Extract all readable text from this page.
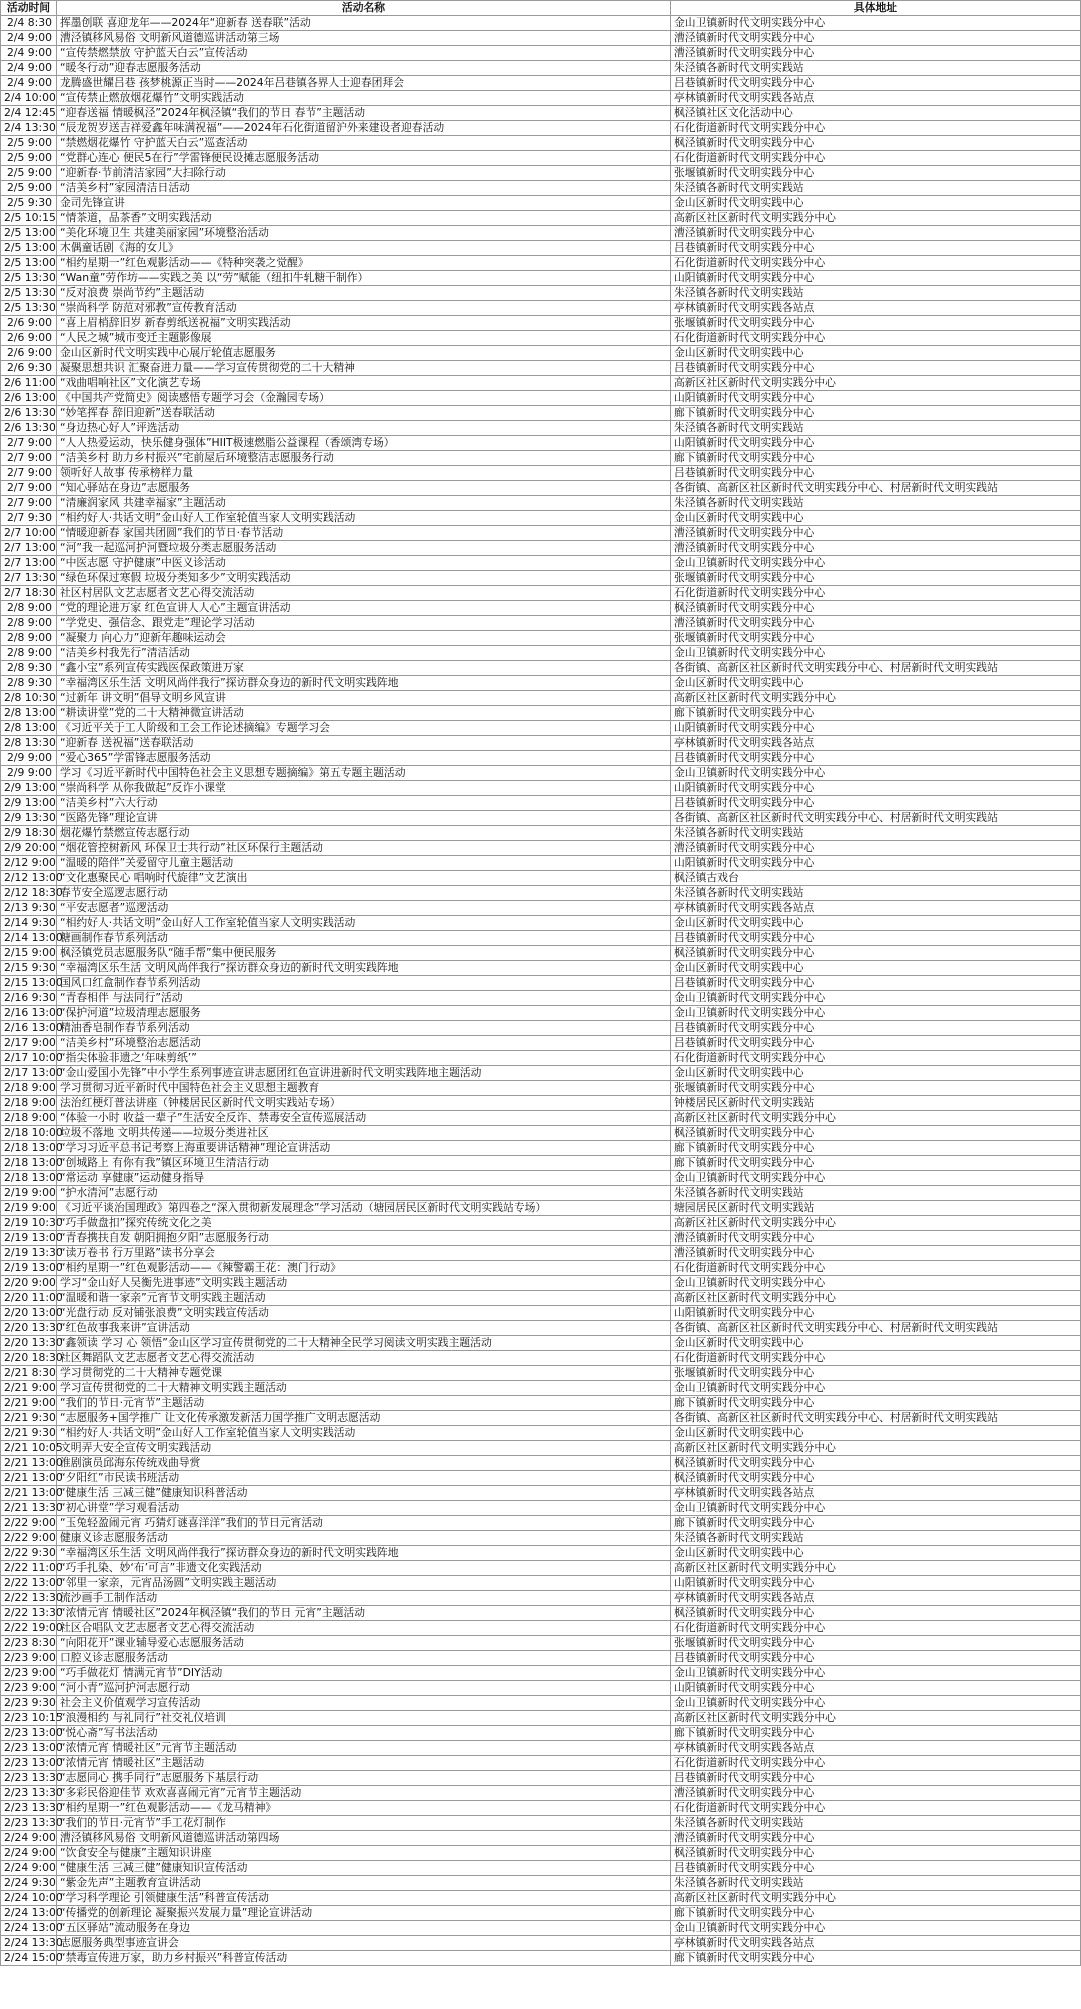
活动时间	活动名称	具体地址
2/4 8:30	挥墨创联 喜迎龙年——2024年“迎新春 送春联”活动	金山卫镇新时代文明实践分中心
2/4 9:00	漕泾镇移风易俗 文明新风道德巡讲活动第三场	漕泾镇新时代文明实践分中心
2/4 9:00	“宣传禁燃禁放 守护蓝天白云”宣传活动	漕泾镇新时代文明实践分中心
2/4 9:00	“暖冬行动”迎春志愿服务活动	朱泾镇各新时代文明实践站
2/4 9:00	龙腾盛世耀吕巷 孩梦桃源正当时——2024年吕巷镇各界人士迎春团拜会	吕巷镇新时代文明实践分中心
2/4 10:00	“宣传禁止燃放烟花爆竹”文明实践活动	亭林镇新时代文明实践各站点
2/4 12:45	“迎春送福 情暖枫泾”2024年枫泾镇“我们的节日 春节”主题活动	枫泾镇社区文化活动中心
2/4 13:30	“辰龙贺岁送吉祥爱鑫年味满祝福”——2024年石化街道留沪外来建设者迎春活动	石化街道新时代文明实践分中心
2/5 9:00	“禁燃烟花爆竹 守护蓝天白云”巡查活动	枫泾镇新时代文明实践分中心
2/5 9:00	“党群心连心 便民5在行”学雷锋便民设摊志愿服务活动	石化街道新时代文明实践分中心
2/5 9:00	“迎新春·节前清洁家园”大扫除行动	张堰镇新时代文明实践分中心
2/5 9:00	“洁美乡村”家园清洁日活动	朱泾镇各新时代文明实践站
2/5 9:30	金司先锋宣讲	金山区新时代文明实践中心
2/5 10:15	“情茶道，品茶香”文明实践活动	高新区社区新时代文明实践分中心
2/5 13:00	“美化环境卫生 共建美丽家园”环境整治活动	漕泾镇新时代文明实践分中心
2/5 13:00	木偶童话剧《海的女儿》	吕巷镇新时代文明实践分中心
2/5 13:00	“相约星期一”红色观影活动——《特种突袭之觉醒》	石化街道新时代文明实践分中心
2/5 13:30	“Wan童”劳作坊——实践之美 以“劳”赋能（纽扣牛轧糖干制作）	山阳镇新时代文明实践分中心
2/5 13:30	“反对浪费 崇尚节约”主题活动	朱泾镇各新时代文明实践站
2/5 13:30	“崇尚科学 防范对邪教”宣传教育活动	亭林镇新时代文明实践各站点
2/6 9:00	“喜上眉梢辞旧岁 新春剪纸送祝福”文明实践活动	张堰镇新时代文明实践分中心
2/6 9:00	“人民之城”城市变迁主题影像展	石化街道新时代文明实践分中心
2/6 9:00	金山区新时代文明实践中心展厅轮值志愿服务	金山区新时代文明实践中心
2/6 9:30	凝聚思想共识 汇聚奋进力量——学习宣传贯彻党的二十大精神	吕巷镇新时代文明实践分中心
2/6 11:00	“戏曲唱响社区”文化演艺专场	高新区社区新时代文明实践分中心
2/6 13:00	《中国共产党简史》阅读感悟专题学习会（金瀚园专场）	山阳镇新时代文明实践分中心
2/6 13:30	“妙笔挥春 辞旧迎新”送春联活动	廊下镇新时代文明实践分中心
2/6 13:30	“身边热心好人”评选活动	朱泾镇各新时代文明实践站
2/7 9:00	“人人热爱运动，快乐健身强体”HIIT极速燃脂公益课程（香颂湾专场）	山阳镇新时代文明实践分中心
2/7 9:00	“洁美乡村 助力乡村振兴”宅前屋后环境整洁志愿服务行动	廊下镇新时代文明实践分中心
2/7 9:00	领听好人故事 传承榜样力量	吕巷镇新时代文明实践分中心
2/7 9:00	“知心驿站在身边”志愿服务	各街镇、高新区社区新时代文明实践分中心、村居新时代文明实践站
2/7 9:00	“清廉润家风 共建幸福家”主题活动	朱泾镇各新时代文明实践站
2/7 9:30	“相约好人·共话文明”金山好人工作室轮值当家人文明实践活动	金山区新时代文明实践中心
2/7 10:00	“情暖迎新春 家国共团圆”我们的节日·春节活动	漕泾镇新时代文明实践分中心
2/7 13:00	“河”我一起巡河护河暨垃圾分类志愿服务活动	漕泾镇新时代文明实践分中心
2/7 13:00	“中医志愿 守护健康”中医义诊活动	金山卫镇新时代文明实践分中心
2/7 13:30	“绿色环保过寒假 垃圾分类知多少”文明实践活动	张堰镇新时代文明实践分中心
2/7 18:30	社区村居队文艺志愿者文艺心得交流活动	石化街道新时代文明实践分中心
2/8 9:00	“党的理论进万家 红色宣讲人人心”主题宣讲活动	枫泾镇新时代文明实践分中心
2/8 9:00	“学党史、强信念、跟党走”理论学习活动	漕泾镇新时代文明实践分中心
2/8 9:00	“凝聚力 向心力”迎新年趣味运动会	张堰镇新时代文明实践分中心
2/8 9:00	“洁美乡村我先行”清洁活动	金山卫镇新时代文明实践分中心
2/8 9:30	“鑫小宝”系列宣传实践医保政策进万家	各街镇、高新区社区新时代文明实践分中心、村居新时代文明实践站
2/8 9:30	“幸福湾区乐生活 文明风尚伴我行”探访群众身边的新时代文明实践阵地	金山区新时代文明实践中心
2/8 10:30	“过新年 讲文明”倡导文明乡风宣讲	高新区社区新时代文明实践分中心
2/8 13:00	“耕读讲堂”党的二十大精神微宣讲活动	廊下镇新时代文明实践分中心
2/8 13:00	《习近平关于工人阶级和工会工作论述摘编》专题学习会	山阳镇新时代文明实践分中心
2/8 13:30	“迎新春 送祝福”送春联活动	亭林镇新时代文明实践各站点
2/9 9:00	“爱心365”学雷锋志愿服务活动	吕巷镇新时代文明实践分中心
2/9 9:00	学习《习近平新时代中国特色社会主义思想专题摘编》第五专题主题活动	金山卫镇新时代文明实践分中心
2/9 13:00	“崇尚科学 从你我做起”反诈小课堂	山阳镇新时代文明实践分中心
2/9 13:00	“洁美乡村”六大行动	吕巷镇新时代文明实践分中心
2/9 13:30	“医路先锋”理论宣讲	各街镇、高新区社区新时代文明实践分中心、村居新时代文明实践站
2/9 18:30	烟花爆竹禁燃宣传志愿行动	朱泾镇各新时代文明实践站
2/9 20:00	“烟花管控树新风 环保卫士共行动”社区环保行主题活动	漕泾镇新时代文明实践分中心
2/12 9:00	“温暖的陪伴”关爱留守儿童主题活动	山阳镇新时代文明实践分中心
2/12 13:00	“文化惠聚民心 唱响时代旋律”文艺演出	枫泾镇古戏台
2/12 18:30	春节安全巡逻志愿行动	朱泾镇各新时代文明实践站
2/13 9:30	“平安志愿者”巡逻活动	亭林镇新时代文明实践各站点
2/14 9:30	“相约好人·共话文明”金山好人工作室轮值当家人文明实践活动	金山区新时代文明实践中心
2/14 13:00	糖画制作春节系列活动	吕巷镇新时代文明实践分中心
2/15 9:00	枫泾镇党员志愿服务队“随手帮”集中便民服务	枫泾镇新时代文明实践分中心
2/15 9:30	“幸福湾区乐生活 文明风尚伴我行”探访群众身边的新时代文明实践阵地	金山区新时代文明实践中心
2/15 13:00	国风口红盒制作春节系列活动	吕巷镇新时代文明实践分中心
2/16 9:30	“青春相伴 与法同行”活动	金山卫镇新时代文明实践分中心
2/16 13:00	“保护河道”垃圾清理志愿服务	金山卫镇新时代文明实践分中心
2/16 13:00	精油香皂制作春节系列活动	吕巷镇新时代文明实践分中心
2/17 9:00	“洁美乡村”环境整治志愿活动	吕巷镇新时代文明实践分中心
2/17 10:00	“指尖体验非遗之‘年味剪纸’”	石化街道新时代文明实践分中心
2/17 13:00	“金山爱国小先锋”中小学生系列事迹宣讲志愿团红色宣讲进新时代文明实践阵地主题活动	金山区新时代文明实践中心
2/18 9:00	学习贯彻习近平新时代中国特色社会主义思想主题教育	张堰镇新时代文明实践分中心
2/18 9:00	法治红梗灯普法讲座（钟楼居民区新时代文明实践站专场）	钟楼居民区新时代文明实践站
2/18 9:00	“体验一小时 收益一辈子”生活安全反诈、禁毒安全宣传巡展活动	高新区社区新时代文明实践分中心
2/18 10:00	垃圾不落地 文明共传递——垃圾分类进社区	枫泾镇新时代文明实践分中心
2/18 13:00	“学习习近平总书记考察上海重要讲话精神”理论宣讲活动	廊下镇新时代文明实践分中心
2/18 13:00	“创城路上 有你有我”镇区环境卫生清洁行动	廊下镇新时代文明实践分中心
2/18 13:00	“常运动 享健康”运动健身指导	金山卫镇新时代文明实践分中心
2/19 9:00	“护水清河”志愿行动	朱泾镇各新时代文明实践站
2/19 9:00	《习近平谈治国理政》第四卷之“深入贯彻新发展理念”学习活动（塘园居民区新时代文明实践站专场）	塘园居民区新时代文明实践站
2/19 10:30	“巧手做盘扣”探究传统文化之美	高新区社区新时代文明实践分中心
2/19 13:00	“青春携扶自发 朝阳拥抱夕阳”志愿服务行动	漕泾镇新时代文明实践分中心
2/19 13:30	“读万卷书 行万里路”读书分享会	漕泾镇新时代文明实践分中心
2/19 13:00	“相约星期一”红色观影活动——《辣警霸王花：澳门行动》	石化街道新时代文明实践分中心
2/20 9:00	学习“金山好人吴衡先进事迹”文明实践主题活动	金山卫镇新时代文明实践分中心
2/20 11:00	“温暖和谐一家亲”元宵节文明实践主题活动	高新区社区新时代文明实践分中心
2/20 13:00	“光盘行动 反对铺张浪费”文明实践宣传活动	山阳镇新时代文明实践分中心
2/20 13:30	“红色故事我来讲”宣讲活动	各街镇、高新区社区新时代文明实践分中心、村居新时代文明实践站
2/20 13:30	“鑫领读 学习 心 领悟”金山区学习宣传贯彻党的二十大精神全民学习阅读文明实践主题活动	金山区新时代文明实践中心
2/20 18:30	社区舞蹈队文艺志愿者文艺心得交流活动	石化街道新时代文明实践分中心
2/21 8:30	学习贯彻党的二十大精神专题党课	张堰镇新时代文明实践分中心
2/21 9:00	学习宣传贯彻党的二十大精神文明实践主题活动	金山卫镇新时代文明实践分中心
2/21 9:00	“我们的节日·元宵节”主题活动	廊下镇新时代文明实践分中心
2/21 9:30	“志愿服务+国学推广 让文化传承激发新活力国学推广文明志愿活动	各街镇、高新区社区新时代文明实践分中心、村居新时代文明实践站
2/21 9:30	“相约好人·共话文明”金山好人工作室轮值当家人文明实践活动	金山区新时代文明实践中心
2/21 10:05	文明弄大安全宣传文明实践活动	高新区社区新时代文明实践分中心
2/21 13:00	淮剧演员邱海东传统戏曲导赏	枫泾镇新时代文明实践分中心
2/21 13:00	“夕阳红”市民读书班活动	枫泾镇新时代文明实践分中心
2/21 13:00	“健康生活 三减三健”健康知识科普活动	亭林镇新时代文明实践各站点
2/21 13:30	“初心讲堂”学习观看活动	金山卫镇新时代文明实践分中心
2/22 9:00	“玉兔轻盈闹元宵 巧猜灯谜喜洋洋”我们的节日元宵活动	廊下镇新时代文明实践分中心
2/22 9:00	健康义诊志愿服务活动	朱泾镇各新时代文明实践站
2/22 9:30	“幸福湾区乐生活 文明风尚伴我行”探访群众身边的新时代文明实践阵地	金山区新时代文明实践中心
2/22 11:00	“巧手扎染、妙‘布’可言”非遗文化实践活动	高新区社区新时代文明实践分中心
2/22 13:00	“邻里一家亲，元宵品汤圆”文明实践主题活动	山阳镇新时代文明实践分中心
2/22 13:30	流沙画手工制作活动	亭林镇新时代文明实践各站点
2/22 13:30	“浓情元宵 情暖社区”2024年枫泾镇“我们的节日 元宵”主题活动	枫泾镇新时代文明实践分中心
2/22 19:00	社区合唱队文艺志愿者文艺心得交流活动	石化街道新时代文明实践分中心
2/23 8:30	“向阳花开”课业辅导爱心志愿服务活动	张堰镇新时代文明实践分中心
2/23 9:00	口腔义诊志愿服务活动	吕巷镇新时代文明实践分中心
2/23 9:00	“巧手做花灯 情满元宵节”DIY活动	金山卫镇新时代文明实践分中心
2/23 9:00	“河小青”巡河护河志愿行动	山阳镇新时代文明实践分中心
2/23 9:30	社会主义价值观学习宣传活动	金山卫镇新时代文明实践分中心
2/23 10:15	“浪漫相约 与礼同行”社交礼仪培训	高新区社区新时代文明实践分中心
2/23 13:00	“悦心斋”写书法活动	廊下镇新时代文明实践分中心
2/23 13:00	“浓情元宵 情暖社区”元宵节主题活动	亭林镇新时代文明实践各站点
2/23 13:00	“浓情元宵 情暖社区”主题活动	石化街道新时代文明实践分中心
2/23 13:30	“志愿同心 携手同行”志愿服务下基层行动	吕巷镇新时代文明实践分中心
2/23 13:30	“多彩民俗迎佳节 欢欢喜喜闹元宵”元宵节主题活动	漕泾镇新时代文明实践分中心
2/23 13:30	“相约星期一”红色观影活动——《龙马精神》	石化街道新时代文明实践分中心
2/23 13:30	“我们的节日·元宵节”手工花灯制作	朱泾镇各新时代文明实践站
2/24 9:00	漕泾镇移风易俗 文明新风道德巡讲活动第四场	漕泾镇新时代文明实践分中心
2/24 9:00	“饮食安全与健康”主题知识讲座	枫泾镇新时代文明实践分中心
2/24 9:00	“健康生活 三减三健”健康知识宣传活动	吕巷镇新时代文明实践分中心
2/24 9:30	“紫金先声”主题教育宣讲活动	朱泾镇各新时代文明实践站
2/24 10:00	“学习科学理论 引领健康生活”科普宣传活动	高新区社区新时代文明实践分中心
2/24 13:00	“传播党的创新理论 凝聚振兴发展力量”理论宣讲活动	廊下镇新时代文明实践分中心
2/24 13:00	“五区驿站”流动服务在身边	金山卫镇新时代文明实践分中心
2/24 13:30	志愿服务典型事迹宣讲会	亭林镇新时代文明实践各站点
2/24 15:00	“禁毒宣传进万家，助力乡村振兴”科普宣传活动	廊下镇新时代文明实践分中心
